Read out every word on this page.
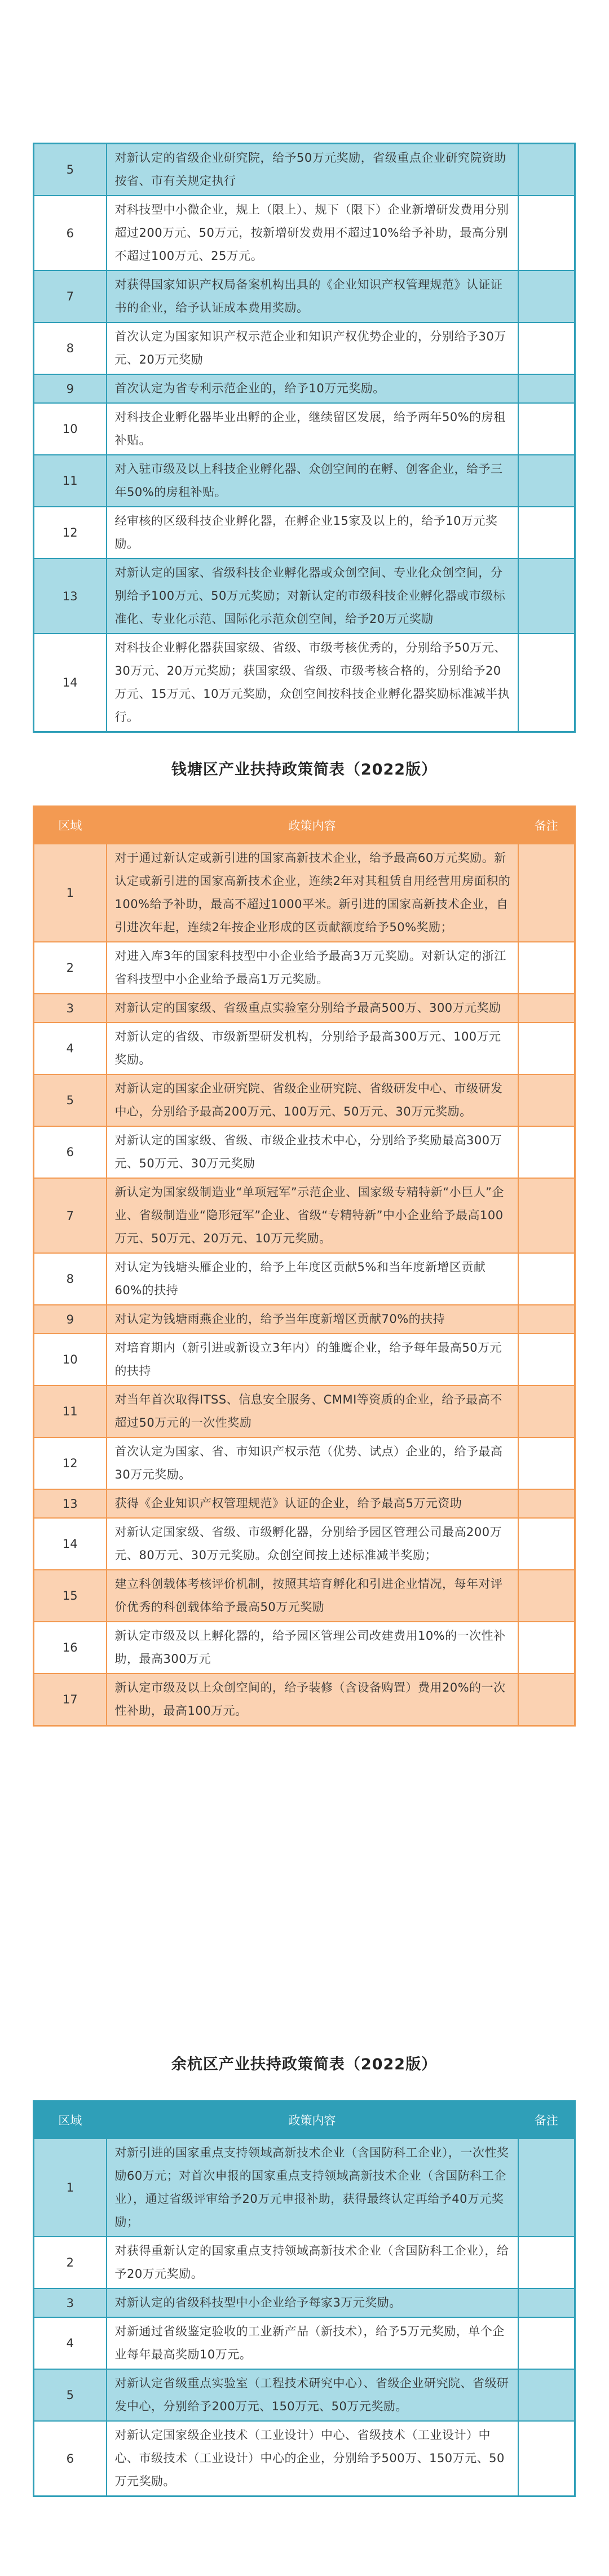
5	对新认定的省级企业研究院，给予50万元奖励，省级重点企业研究院资助按省、市有关规定执行	
6	对科技型中小微企业，规上（限上）、规下（限下）企业新增研发费用分别超过200万元、50万元，按新增研发费用不超过10%给予补助，最高分别不超过100万元、25万元。	
7	对获得国家知识产权局备案机构出具的《企业知识产权管理规范》认证证书的企业，给予认证成本费用奖励。	
8	首次认定为国家知识产权示范企业和知识产权优势企业的，分别给予30万元、20万元奖励	
9	首次认定为省专利示范企业的，给予10万元奖励。	
10	对科技企业孵化器毕业出孵的企业，继续留区发展，给予两年50%的房租补贴。	
11	对入驻市级及以上科技企业孵化器、众创空间的在孵、创客企业，给予三年50%的房租补贴。	
12	经审核的区级科技企业孵化器，在孵企业15家及以上的，给予10万元奖励。	
13	对新认定的国家、省级科技企业孵化器或众创空间、专业化众创空间，分别给予100万元、50万元奖励；对新认定的市级科技企业孵化器或市级标准化、专业化示范、国际化示范众创空间，给予20万元奖励	
14	对科技企业孵化器获国家级、省级、市级考核优秀的，分别给予50万元、30万元、20万元奖励；获国家级、省级、市级考核合格的，分别给予20万元、15万元、10万元奖励，众创空间按科技企业孵化器奖励标准减半执行。	
钱塘区产业扶持政策简表（2022版）
区域	政策内容	备注
1	对于通过新认定或新引进的国家高新技术企业，给予最高60万元奖励。新认定或新引进的国家高新技术企业，连续2年对其租赁自用经营用房面积的100%给予补助，最高不超过1000平米。新引进的国家高新技术企业，自引进次年起，连续2年按企业形成的区贡献额度给予50%奖励；	
2	对进入库3年的国家科技型中小企业给予最高3万元奖励。对新认定的浙江省科技型中小企业给予最高1万元奖励。	
3	对新认定的国家级、省级重点实验室分别给予最高500万、300万元奖励	
4	对新认定的省级、市级新型研发机构，分别给予最高300万元、100万元奖励。	
5	对新认定的国家企业研究院、省级企业研究院、省级研发中心、市级研发中心，分别给予最高200万元、100万元、50万元、30万元奖励。	
6	对新认定的国家级、省级、市级企业技术中心，分别给予奖励最高300万元、50万元、30万元奖励	
7	新认定为国家级制造业“单项冠军”示范企业、国家级专精特新“小巨人”企业、省级制造业“隐形冠军”企业、省级“专精特新”中小企业给予最高100万元、50万元、20万元、10万元奖励。	
8	对认定为钱塘头雁企业的，给予上年度区贡献5%和当年度新增区贡献60%的扶持	
9	对认定为钱塘雨燕企业的，给予当年度新增区贡献70%的扶持	
10	对培育期内（新引进或新设立3年内）的雏鹰企业，给予每年最高50万元的扶持	
11	对当年首次取得ITSS、信息安全服务、CMMI等资质的企业，给予最高不超过50万元的一次性奖励	
12	首次认定为国家、省、市知识产权示范（优势、试点）企业的，给予最高30万元奖励。	
13	获得《企业知识产权管理规范》认证的企业，给予最高5万元资助	
14	对新认定国家级、省级、市级孵化器，分别给予园区管理公司最高200万元、80万元、30万元奖励。众创空间按上述标准减半奖励；	
15	建立科创载体考核评价机制，按照其培育孵化和引进企业情况，每年对评价优秀的科创载体给予最高50万元奖励	
16	新认定市级及以上孵化器的，给予园区管理公司改建费用10%的一次性补助，最高300万元	
17	新认定市级及以上众创空间的，给予装修（含设备购置）费用20%的一次性补助，最高100万元。	
余杭区产业扶持政策简表（2022版）
区域	政策内容	备注
1	对新引进的国家重点支持领域高新技术企业（含国防科工企业），一次性奖励60万元；对首次申报的国家重点支持领域高新技术企业（含国防科工企业），通过省级评审给予20万元申报补助，获得最终认定再给予40万元奖励；	
2	对获得重新认定的国家重点支持领域高新技术企业（含国防科工企业），给予20万元奖励。	
3	对新认定的省级科技型中小企业给予每家3万元奖励。	
4	对新通过省级鉴定验收的工业新产品（新技术），给予5万元奖励，单个企业每年最高奖励10万元。	
5	对新认定省级重点实验室（工程技术研究中心）、省级企业研究院、省级研发中心，分别给予200万元、150万元、50万元奖励。	
6	对新认定国家级企业技术（工业设计）中心、省级技术（工业设计）中心、市级技术（工业设计）中心的企业，分别给予500万、150万元、50万元奖励。	
